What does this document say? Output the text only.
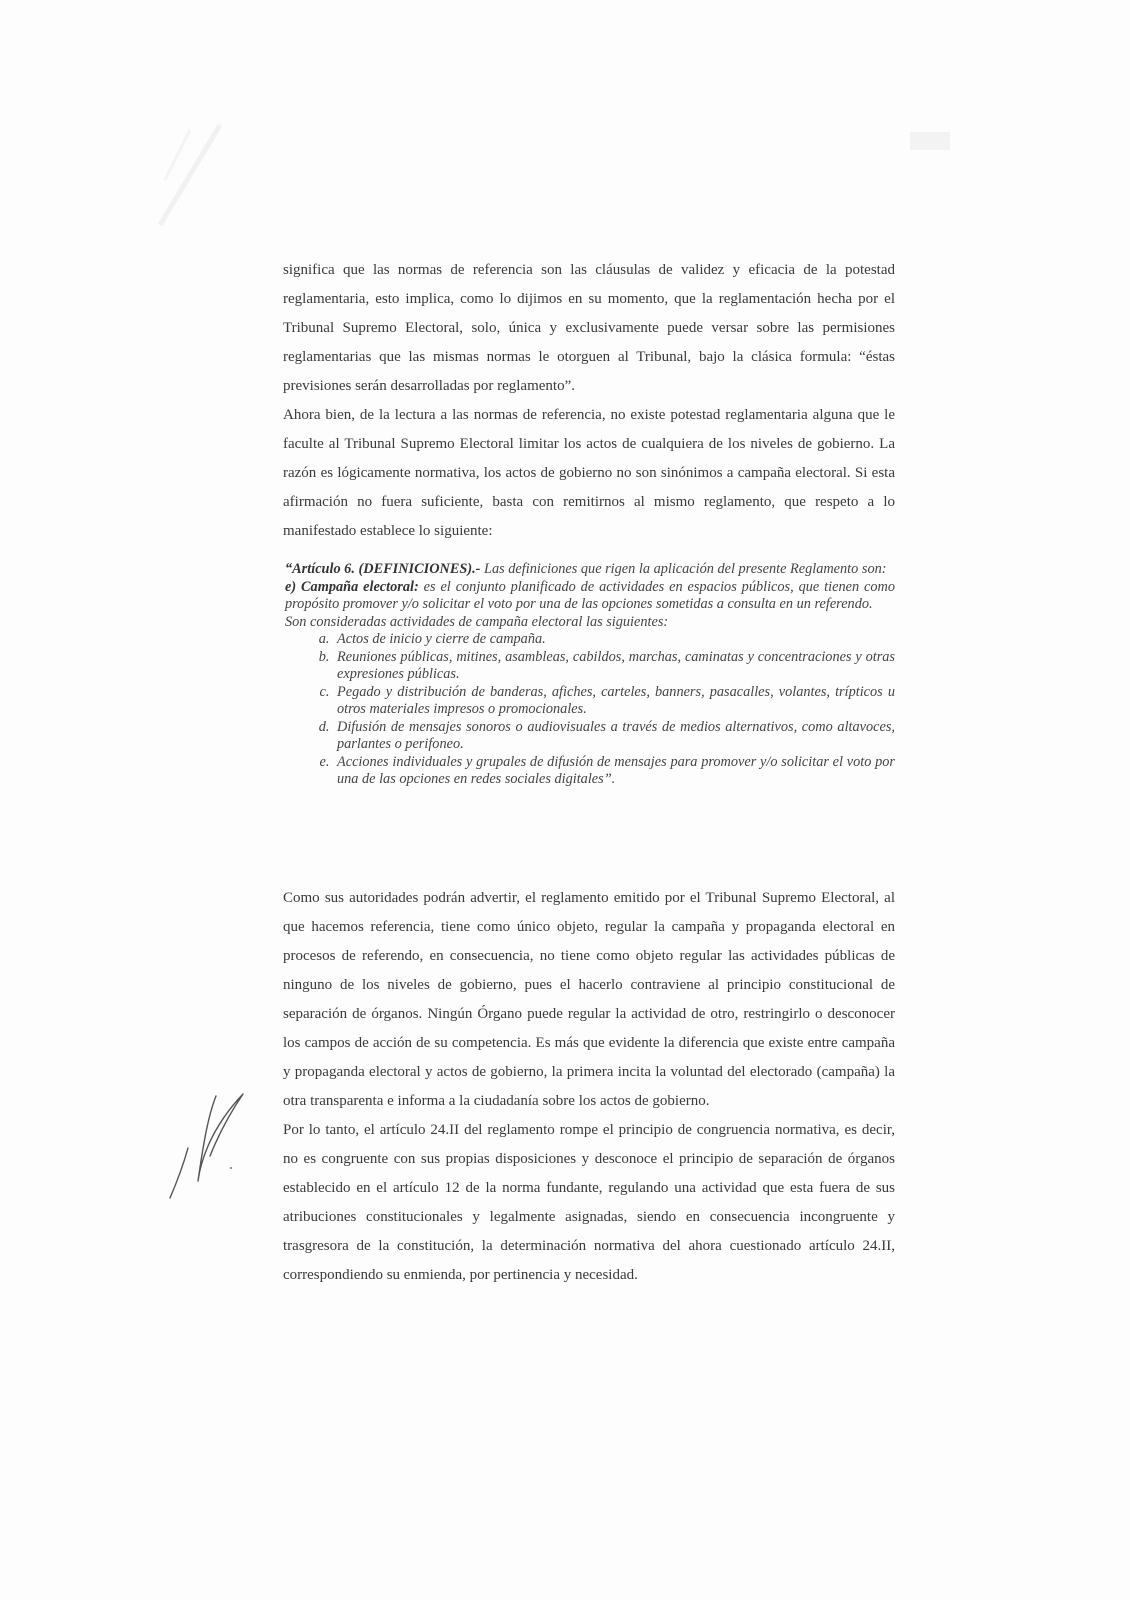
significa que las normas de referencia son las cláusulas de validez y eficacia de la potestad reglamentaria, esto implica, como lo dijimos en su momento, que la reglamentación hecha por el Tribunal Supremo Electoral, solo, única y exclusivamente puede versar sobre las permisiones reglamentarias que las mismas normas le otorguen al Tribunal, bajo la clásica formula: “éstas previsiones serán desarrolladas por reglamento”.

Ahora bien, de la lectura a las normas de referencia, no existe potestad reglamentaria alguna que le faculte al Tribunal Supremo Electoral limitar los actos de cualquiera de los niveles de gobierno. La razón es lógicamente normativa, los actos de gobierno no son sinónimos a campaña electoral. Si esta afirmación no fuera suficiente, basta con remitirnos al mismo reglamento, que respeto a lo manifestado establece lo siguiente:

“Artículo 6. (DEFINICIONES).- Las definiciones que rigen la aplicación del presente Reglamento son:

e) Campaña electoral: es el conjunto planificado de actividades en espacios públicos, que tienen como propósito promover y/o solicitar el voto por una de las opciones sometidas a consulta en un referendo.

Son consideradas actividades de campaña electoral las siguientes:

a. Actos de inicio y cierre de campaña.
b. Reuniones públicas, mitines, asambleas, cabildos, marchas, caminatas y concentraciones y otras expresiones públicas.
c. Pegado y distribución de banderas, afiches, carteles, banners, pasacalles, volantes, trípticos u otros materiales impresos o promocionales.
d. Difusión de mensajes sonoros o audiovisuales a través de medios alternativos, como altavoces, parlantes o perifoneo.
e. Acciones individuales y grupales de difusión de mensajes para promover y/o solicitar el voto por una de las opciones en redes sociales digitales”.

Como sus autoridades podrán advertir, el reglamento emitido por el Tribunal Supremo Electoral, al que hacemos referencia, tiene como único objeto, regular la campaña y propaganda electoral en procesos de referendo, en consecuencia, no tiene como objeto regular las actividades públicas de ninguno de los niveles de gobierno, pues el hacerlo contraviene al principio constitucional de separación de órganos. Ningún Órgano puede regular la actividad de otro, restringirlo o desconocer los campos de acción de su competencia. Es más que evidente la diferencia que existe entre campaña y propaganda electoral y actos de gobierno, la primera incita la voluntad del electorado (campaña) la otra transparenta e informa a la ciudadanía sobre los actos de gobierno.

Por lo tanto, el artículo 24.II del reglamento rompe el principio de congruencia normativa, es decir, no es congruente con sus propias disposiciones y desconoce el principio de separación de órganos establecido en el artículo 12 de la norma fundante, regulando una actividad que esta fuera de sus atribuciones constitucionales y legalmente asignadas, siendo en consecuencia incongruente y trasgresora de la constitución, la determinación normativa del ahora cuestionado artículo 24.II, correspondiendo su enmienda, por pertinencia y necesidad.
